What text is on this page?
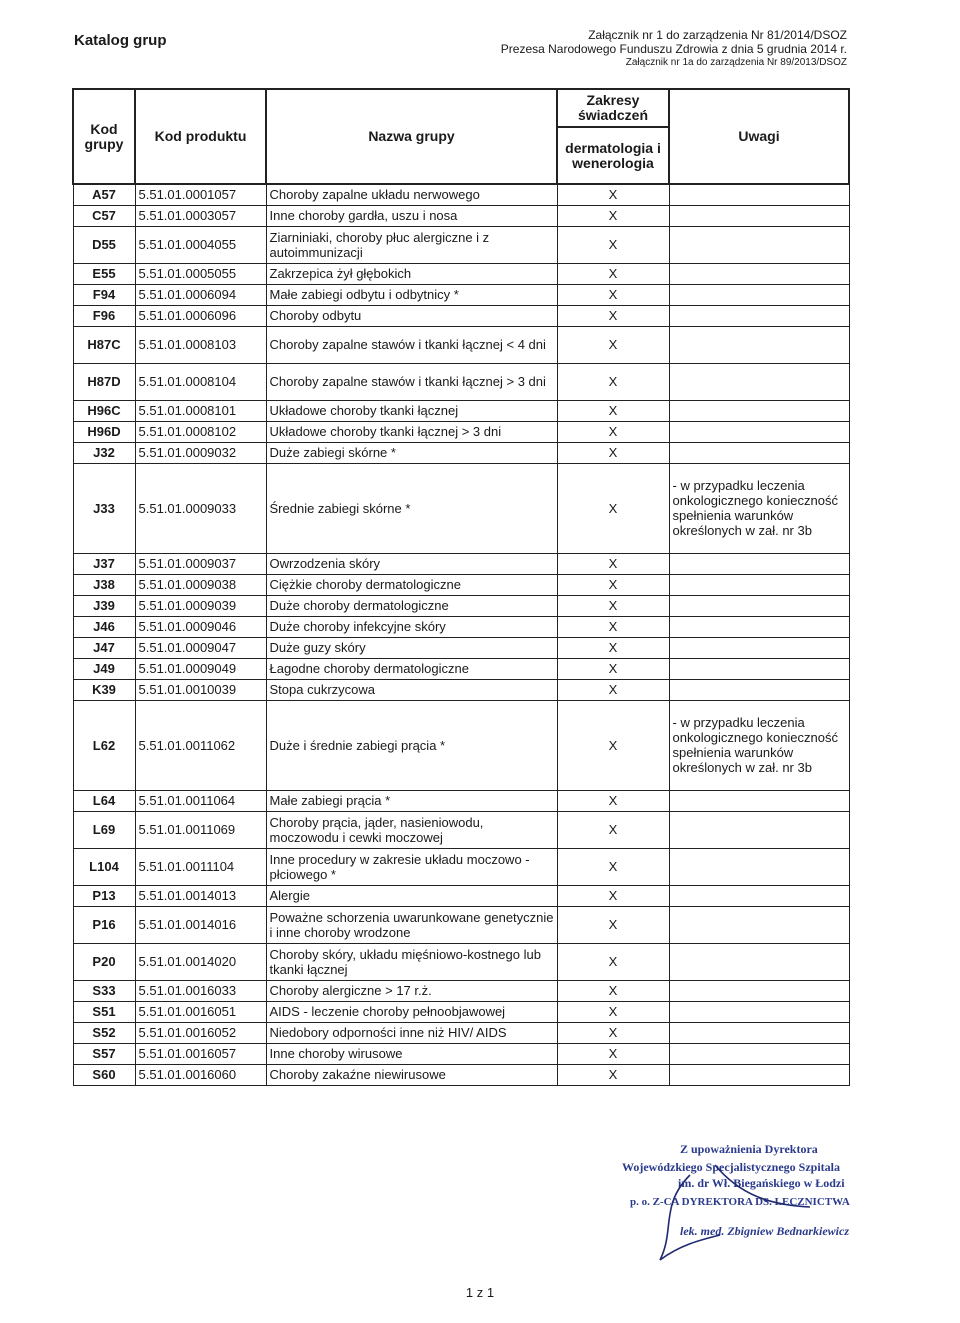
Katalog grup	Załącznik nr 1 do zarządzenia Nr 81/2014/DSOZ
Prezesa Narodowego Funduszu Zdrowia z dnia 5 grudnia 2014 r.
Załącznik nr 1a do zarządzenia Nr 89/2013/DSOZ
Kod grupy	Kod produktu	Nazwa grupy	Zakresy świadczeń	Uwagi
			dermatologia i wenerologia	
A57	5.51.01.0001057	Choroby zapalne układu nerwowego	X	
C57	5.51.01.0003057	Inne choroby gardła, uszu i nosa	X	
D55	5.51.01.0004055	Ziarniniaki, choroby płuc alergiczne i z autoimmunizacji	X	
E55	5.51.01.0005055	Zakrzepica żył głębokich	X	
F94	5.51.01.0006094	Małe zabiegi odbytu i odbytnicy *	X	
F96	5.51.01.0006096	Choroby odbytu	X	
H87C	5.51.01.0008103	Choroby zapalne stawów i tkanki łącznej < 4 dni	X	
H87D	5.51.01.0008104	Choroby zapalne stawów i tkanki łącznej > 3 dni	X	
H96C	5.51.01.0008101	Układowe choroby tkanki łącznej	X	
H96D	5.51.01.0008102	Układowe choroby tkanki łącznej > 3 dni	X	
J32	5.51.01.0009032	Duże zabiegi skórne *	X	
J33	5.51.01.0009033	Średnie zabiegi skórne *	X	- w przypadku leczenia onkologicznego konieczność spełnienia warunków określonych w zał. nr 3b
J37	5.51.01.0009037	Owrzodzenia skóry	X	
J38	5.51.01.0009038	Ciężkie choroby dermatologiczne	X	
J39	5.51.01.0009039	Duże choroby dermatologiczne	X	
J46	5.51.01.0009046	Duże choroby infekcyjne skóry	X	
J47	5.51.01.0009047	Duże guzy skóry	X	
J49	5.51.01.0009049	Łagodne choroby dermatologiczne	X	
K39	5.51.01.0010039	Stopa cukrzycowa	X	
L62	5.51.01.0011062	Duże i średnie zabiegi prącia *	X	- w przypadku leczenia onkologicznego konieczność spełnienia warunków określonych w zał. nr 3b
L64	5.51.01.0011064	Małe zabiegi prącia *	X	
L69	5.51.01.0011069	Choroby prącia, jąder, nasieniowodu, moczowodu i cewki moczowej	X	
L104	5.51.01.0011104	Inne procedury w zakresie układu moczowo - płciowego *	X	
P13	5.51.01.0014013	Alergie	X	
P16	5.51.01.0014016	Poważne schorzenia uwarunkowane genetycznie i inne choroby wrodzone	X	
P20	5.51.01.0014020	Choroby skóry, układu mięśniowo-kostnego lub tkanki łącznej	X	
S33	5.51.01.0016033	Choroby alergiczne > 17 r.ż.	X	
S51	5.51.01.0016051	AIDS - leczenie choroby pełnoobjawowej	X	
S52	5.51.01.0016052	Niedobory odporności inne niż HIV/ AIDS	X	
S57	5.51.01.0016057	Inne choroby wirusowe	X	
S60	5.51.01.0016060	Choroby zakaźne niewirusowe	X	
Z upoważnienia Dyrektora
Wojewódzkiego Specjalistycznego Szpitala
im. dr Wł. Biegańskiego w Łodzi
p. o. Z-CA DYREKTORA DS. LECZNICTWA
lek. med. Zbigniew Bednarkiewicz
1 z 1
